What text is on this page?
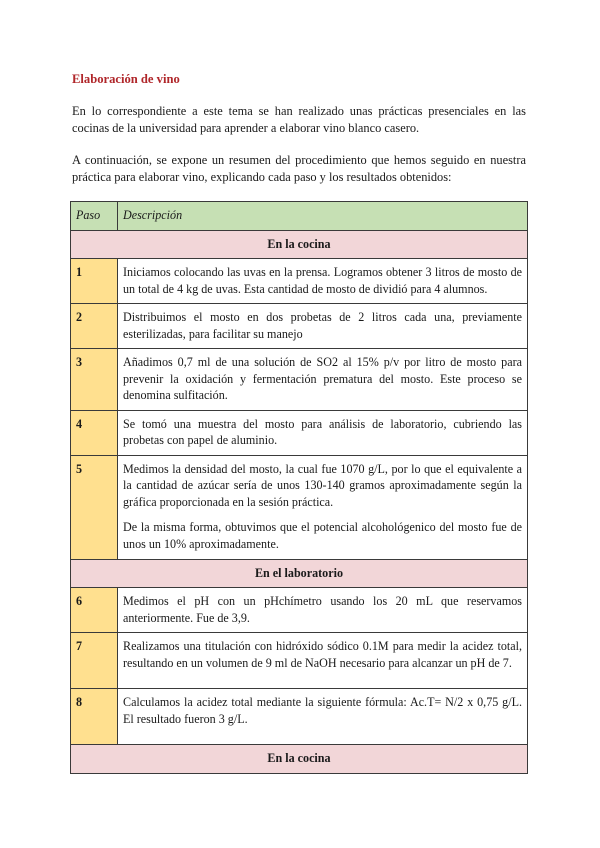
Elaboración de vino
En lo correspondiente a este tema se han realizado unas prácticas presenciales en las cocinas de la universidad para aprender a elaborar vino blanco casero.
A continuación, se expone un resumen del procedimiento que hemos seguido en nuestra práctica para elaborar vino, explicando cada paso y los resultados obtenidos:
Paso	Descripción
En la cocina	
1	Iniciamos colocando las uvas en la prensa. Logramos obtener 3 litros de mosto de un total de 4 kg de uvas. Esta cantidad de mosto de dividió para 4 alumnos.
2	Distribuimos el mosto en dos probetas de 2 litros cada una, previamente esterilizadas, para facilitar su manejo
3	Añadimos 0,7 ml de una solución de SO2 al 15% p/v por litro de mosto para prevenir la oxidación y fermentación prematura del mosto. Este proceso se denomina sulfitación.
4	Se tomó una muestra del mosto para análisis de laboratorio, cubriendo las probetas con papel de aluminio.
5	Medimos la densidad del mosto, la cual fue 1070 g/L, por lo que el equivalente a la cantidad de azúcar sería de unos 130-140 gramos aproximadamente según la gráfica proporcionada en la sesión práctica.

De la misma forma, obtuvimos que el potencial alcohológenico del mosto fue de unos un 10% aproximadamente.

En el laboratorio	
6	Medimos el pH con un pHchímetro usando los 20 mL que reservamos anteriormente. Fue de 3,9.
7	Realizamos una titulación con hidróxido sódico 0.1M para medir la acidez total, resultando en un volumen de 9 ml de NaOH necesario para alcanzar un pH de 7.
8	Calculamos la acidez total mediante la siguiente fórmula: Ac.T= N/2 x 0,75 g/L. El resultado fueron 3 g/L.
En la cocina	
